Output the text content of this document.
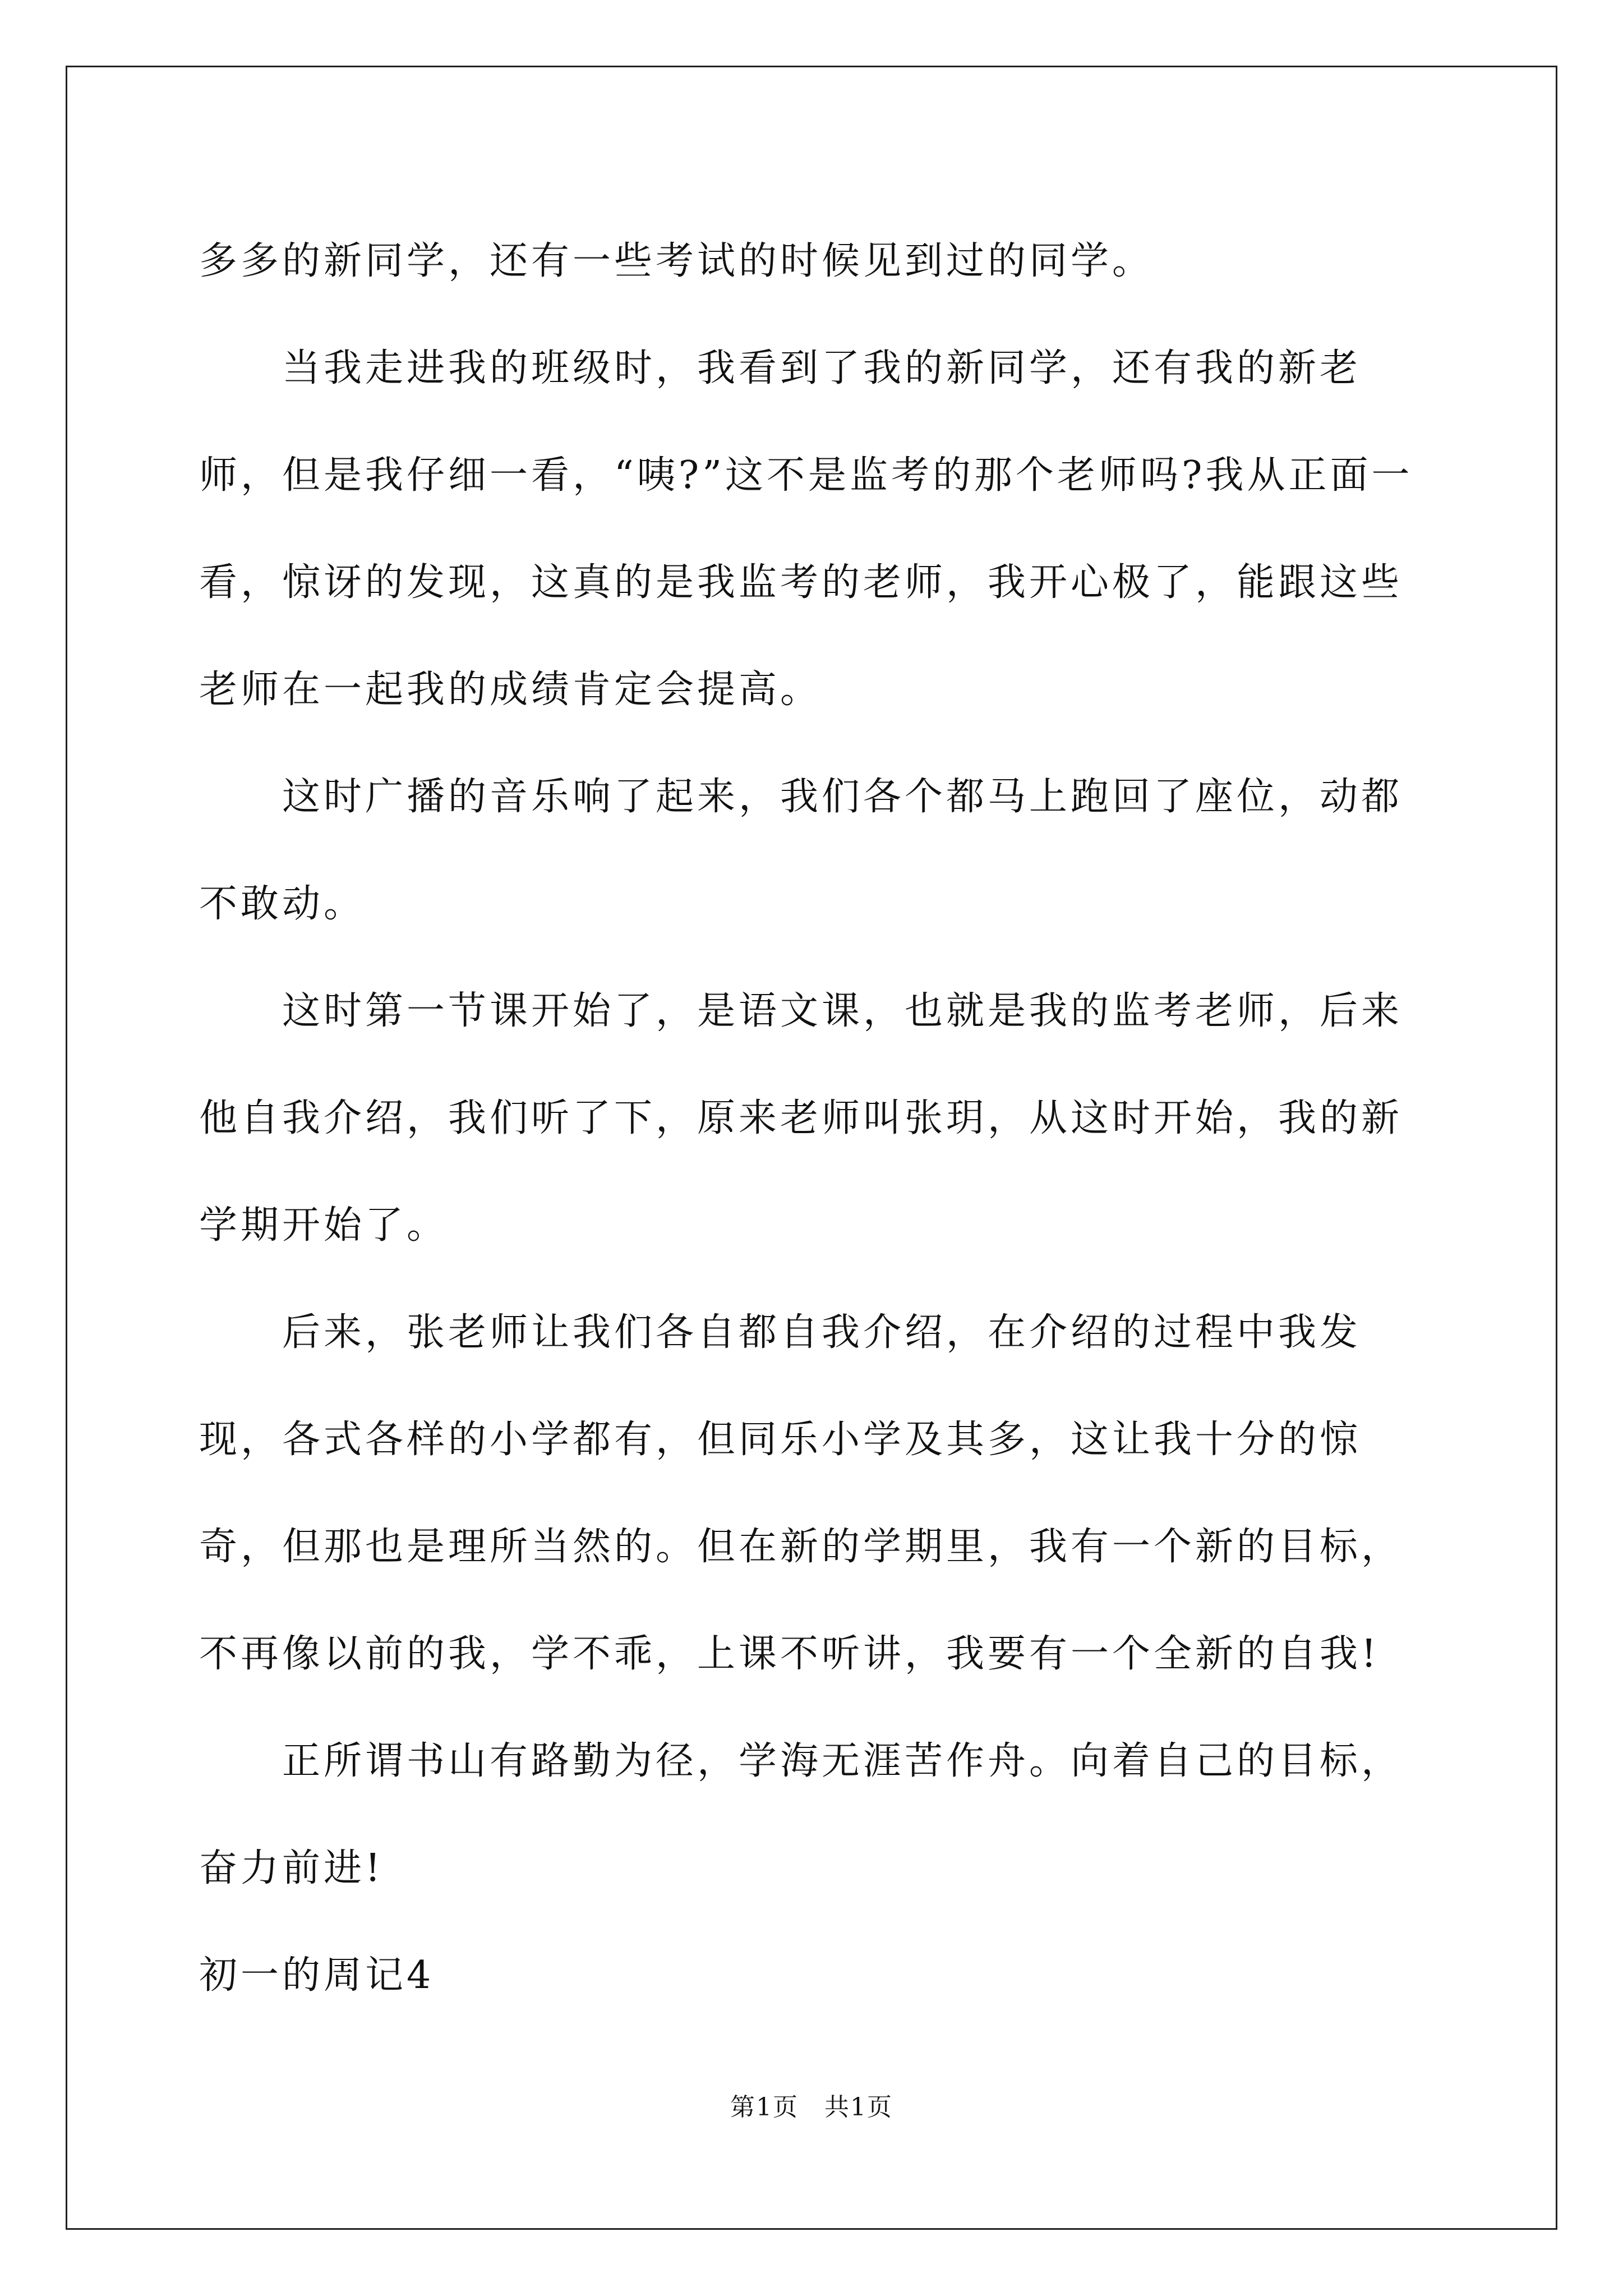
多多的新同学，还有一些考试的时候见到过的同学。

当我走进我的班级时，我看到了我的新同学，还有我的新老师，但是我仔细一看，“咦?”这不是监考的那个老师吗?我从正面一看，惊讶的发现，这真的是我监考的老师，我开心极了，能跟这些老师在一起我的成绩肯定会提高。

这时广播的音乐响了起来，我们各个都马上跑回了座位，动都不敢动。

这时第一节课开始了，是语文课，也就是我的监考老师，后来他自我介绍，我们听了下，原来老师叫张玥，从这时开始，我的新学期开始了。

后来，张老师让我们各自都自我介绍，在介绍的过程中我发现，各式各样的小学都有，但同乐小学及其多，这让我十分的惊奇，但那也是理所当然的。但在新的学期里，我有一个新的目标，不再像以前的我，学不乖，上课不听讲，我要有一个全新的自我!

正所谓书山有路勤为径，学海无涯苦作舟。向着自己的目标，奋力前进!

初一的周记4

第1页　共1页
